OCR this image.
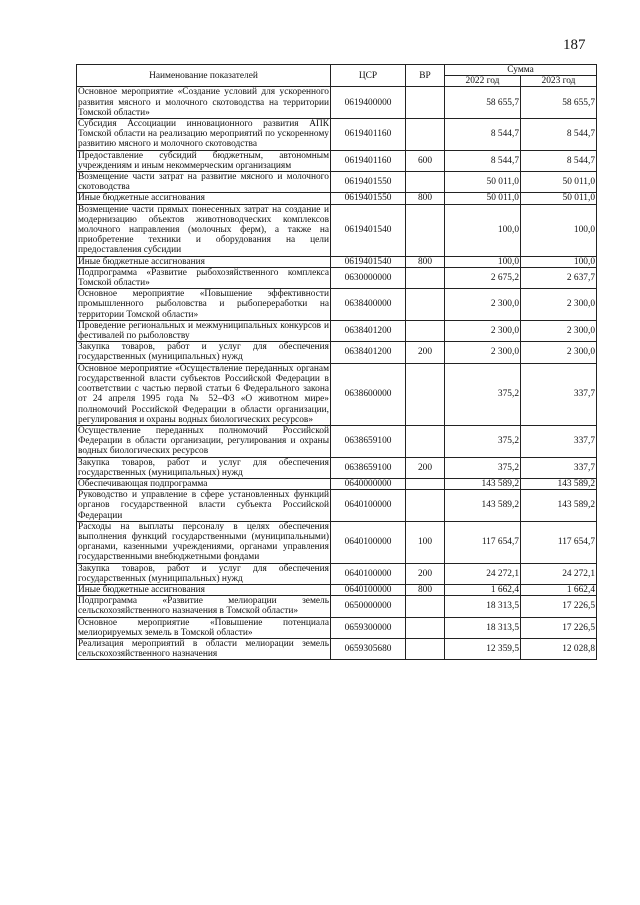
187
Наименование показателей	ЦСР	ВР	Сумма	
			2022 год	2023 год
Основное мероприятие «Создание условий для ускоренного развития мясного и молочного скотоводства на территории Томской области»	0619400000		58 655,7	58 655,7
Субсидия Ассоциации инновационного развития АПК Томской области на реализацию мероприятий по ускоренному развитию мясного и молочного скотоводства	0619401160		8 544,7	8 544,7
Предоставление субсидий бюджетным, автономным учреждениям и иным некоммерческим организациям	0619401160	600	8 544,7	8 544,7
Возмещение части затрат на развитие мясного и молочного скотоводства	0619401550		50 011,0	50 011,0
Иные бюджетные ассигнования	0619401550	800	50 011,0	50 011,0
Возмещение части прямых понесенных затрат на создание и модернизацию объектов животноводческих комплексов молочного направления (молочных ферм), а также на приобретение техники и оборудования на цели предоставления субсидии	0619401540		100,0	100,0
Иные бюджетные ассигнования	0619401540	800	100,0	100,0
Подпрограмма «Развитие рыбохозяйственного комплекса Томской области»	0630000000		2 675,2	2 637,7
Основное мероприятие «Повышение эффективности промышленного рыболовства и рыбопереработки на территории Томской области»	0638400000		2 300,0	2 300,0
Проведение региональных и межмуниципальных конкурсов и фестивалей по рыболовству	0638401200		2 300,0	2 300,0
Закупка товаров, работ и услуг для обеспечения государственных (муниципальных) нужд	0638401200	200	2 300,0	2 300,0
Основное мероприятие «Осуществление переданных органам государственной власти субъектов Российской Федерации в соответствии с частью первой статьи 6 Федерального закона от 24 апреля 1995 года № 52–ФЗ «О животном мире» полномочий Российской Федерации в области организации, регулирования и охраны водных биологических ресурсов»	0638600000		375,2	337,7
Осуществление переданных полномочий Российской Федерации в области организации, регулирования и охраны водных биологических ресурсов	0638659100		375,2	337,7
Закупка товаров, работ и услуг для обеспечения государственных (муниципальных) нужд	0638659100	200	375,2	337,7
Обеспечивающая подпрограмма	0640000000		143 589,2	143 589,2
Руководство и управление в сфере установленных функций органов государственной власти субъекта Российской Федерации	0640100000		143 589,2	143 589,2
Расходы на выплаты персоналу в целях обеспечения выполнения функций государственными (муниципальными) органами, казенными учреждениями, органами управления государственными внебюджетными фондами	0640100000	100	117 654,7	117 654,7
Закупка товаров, работ и услуг для обеспечения государственных (муниципальных) нужд	0640100000	200	24 272,1	24 272,1
Иные бюджетные ассигнования	0640100000	800	1 662,4	1 662,4
Подпрограмма «Развитие мелиорации земель сельскохозяйственного назначения в Томской области»	0650000000		18 313,5	17 226,5
Основное мероприятие «Повышение потенциала мелиорируемых земель в Томской области»	0659300000		18 313,5	17 226,5
Реализация мероприятий в области мелиорации земель сельскохозяйственного назначения	0659305680		12 359,5	12 028,8
